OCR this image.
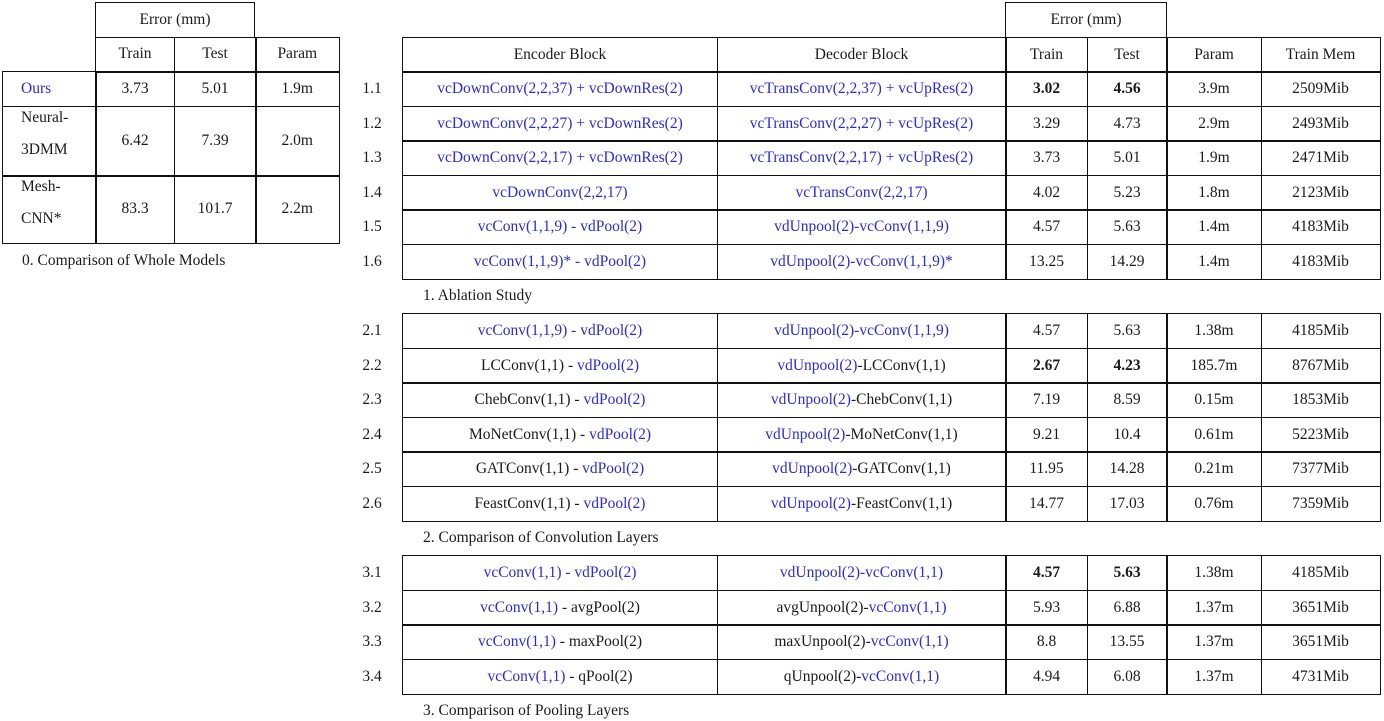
Error (mm)
Train	Test	Param
Ours	3.73	5.01	1.9m
Neural-
3DMM
6.42	7.39	2.0m
Mesh-
CNN*
83.3	101.7	2.2m
0. Comparison of Whole Models
Error (mm)
Encoder Block	Decoder Block	Train	Test	Param	Train Mem
1.1	vcDownConv(2,2,37) + vcDownRes(2)	vcTransConv(2,2,37) + vcUpRes(2)	3.02	4.56	3.9m	2509Mib
1.2	vcDownConv(2,2,27) + vcDownRes(2)	vcTransConv(2,2,27) + vcUpRes(2)	3.29	4.73	2.9m	2493Mib
1.3	vcDownConv(2,2,17) + vcDownRes(2)	vcTransConv(2,2,17) + vcUpRes(2)	3.73	5.01	1.9m	2471Mib
1.4	vcDownConv(2,2,17)	vcTransConv(2,2,17)	4.02	5.23	1.8m	2123Mib
1.5	vcConv(1,1,9) - vdPool(2)	vdUnpool(2)-vcConv(1,1,9)	4.57	5.63	1.4m	4183Mib
1.6	vcConv(1,1,9)* - vdPool(2)	vdUnpool(2)-vcConv(1,1,9)*	13.25	14.29	1.4m	4183Mib
1. Ablation Study
2.1	vcConv(1,1,9) - vdPool(2)	vdUnpool(2)-vcConv(1,1,9)	4.57	5.63	1.38m	4185Mib
2.2	LCConv(1,1) - vdPool(2)	vdUnpool(2) -LCConv(1,1)	2.67	4.23	185.7m	8767Mib
2.3	ChebConv(1,1) - vdPool(2)	vdUnpool(2) -ChebConv(1,1)	7.19	8.59	0.15m	1853Mib
2.4	MoNetConv(1,1) - vdPool(2)	vdUnpool(2) -MoNetConv(1,1)	9.21	10.4	0.61m	5223Mib
2.5	GATConv(1,1) - vdPool(2)	vdUnpool(2) -GATConv(1,1)	11.95	14.28	0.21m	7377Mib
2.6	FeastConv(1,1) - vdPool(2)	vdUnpool(2) -FeastConv(1,1)	14.77	17.03	0.76m	7359Mib
2. Comparison of Convolution Layers
3.1	vcConv(1,1) - vdPool(2)	vdUnpool(2)-vcConv(1,1)	4.57	5.63	1.38m	4185Mib
3.2	vcConv(1,1) - avgPool(2)	avgUnpool(2)- vcConv(1,1)	5.93	6.88	1.37m	3651Mib
3.3	vcConv(1,1) - maxPool(2)	maxUnpool(2)- vcConv(1,1)	8.8	13.55	1.37m	3651Mib
3.4	vcConv(1,1) - qPool(2)	qUnpool(2)- vcConv(1,1)	4.94	6.08	1.37m	4731Mib
3. Comparison of Pooling Layers
